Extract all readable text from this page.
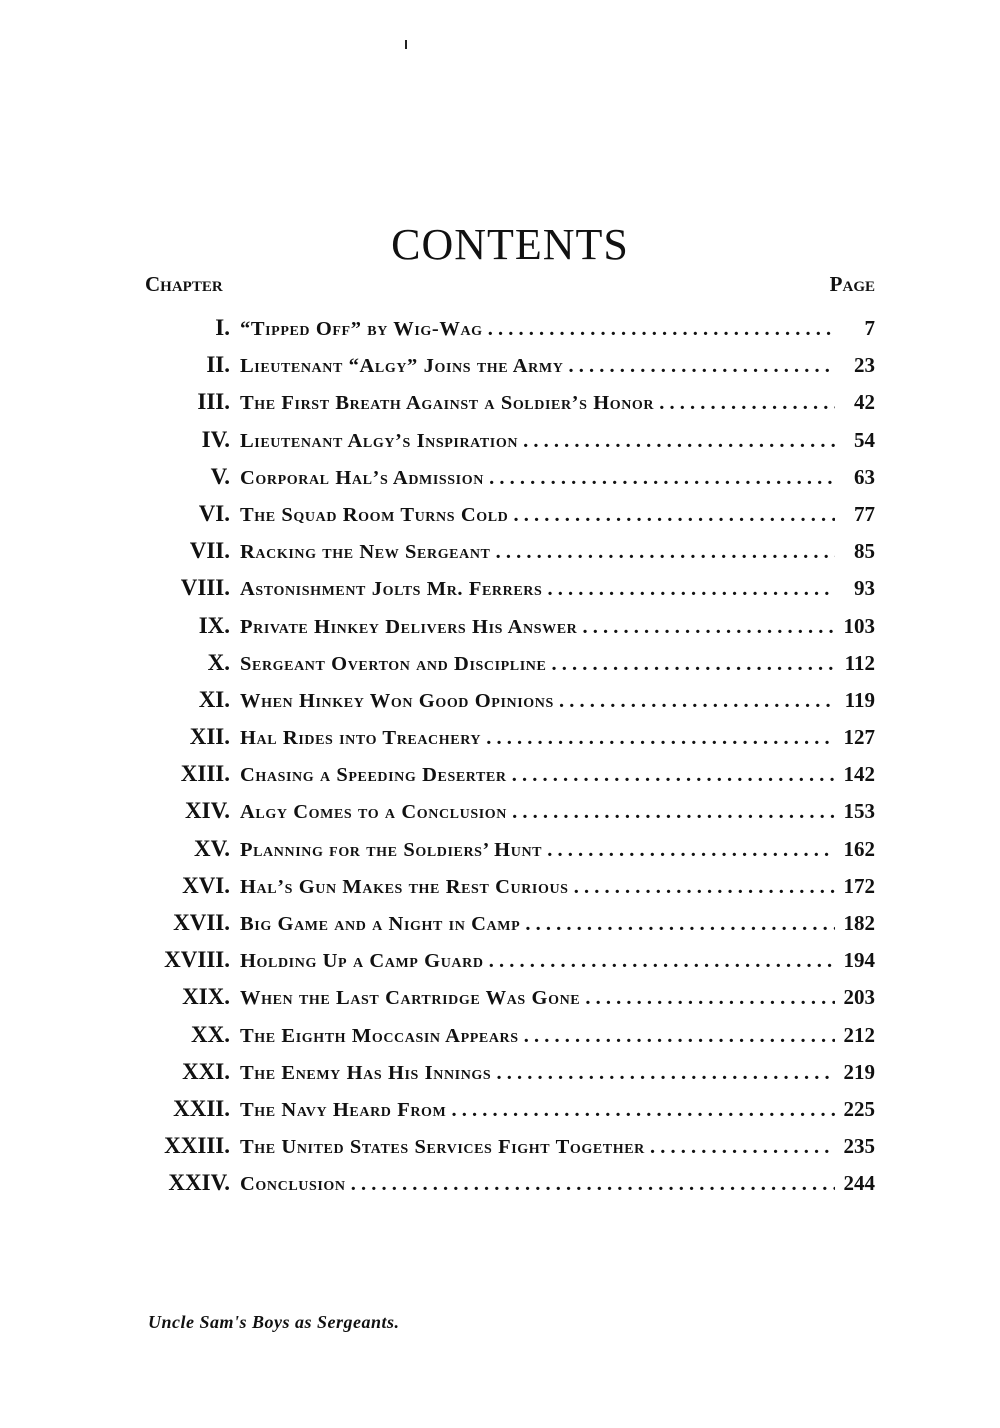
CONTENTS
Chapter	Page
I. “Tipped Off” by Wig-Wag . . .	7
II. Lieutenant “Algy” Joins the Army . . .	23
III. The First Breath Against a Soldier’s Honor . . .	42
IV. Lieutenant Algy’s Inspiration . . .	54
V. Corporal Hal’s Admission . . .	63
VI. The Squad Room Turns Cold . . .	77
VII. Racking the New Sergeant . . .	85
VIII. Astonishment Jolts Mr. Ferrers . . .	93
IX. Private Hinkey Delivers His Answer . . .	103
X. Sergeant Overton and Discipline . . .	112
XI. When Hinkey Won Good Opinions . . .	119
XII. Hal Rides into Treachery . . .	127
XIII. Chasing a Speeding Deserter . . .	142
XIV. Algy Comes to a Conclusion . . .	153
XV. Planning for the Soldiers’ Hunt . . .	162
XVI. Hal’s Gun Makes the Rest Curious . . .	172
XVII. Big Game and a Night in Camp . . .	182
XVIII. Holding Up a Camp Guard . . .	194
XIX. When the Last Cartridge Was Gone . . .	203
XX. The Eighth Moccasin Appears . . .	212
XXI. The Enemy Has His Innings . . .	219
XXII. The Navy Heard From . . .	225
XXIII. The United States Services Fight Together . . .	235
XXIV. Conclusion . . .	244
Uncle Sam's Boys as Sergeants.
